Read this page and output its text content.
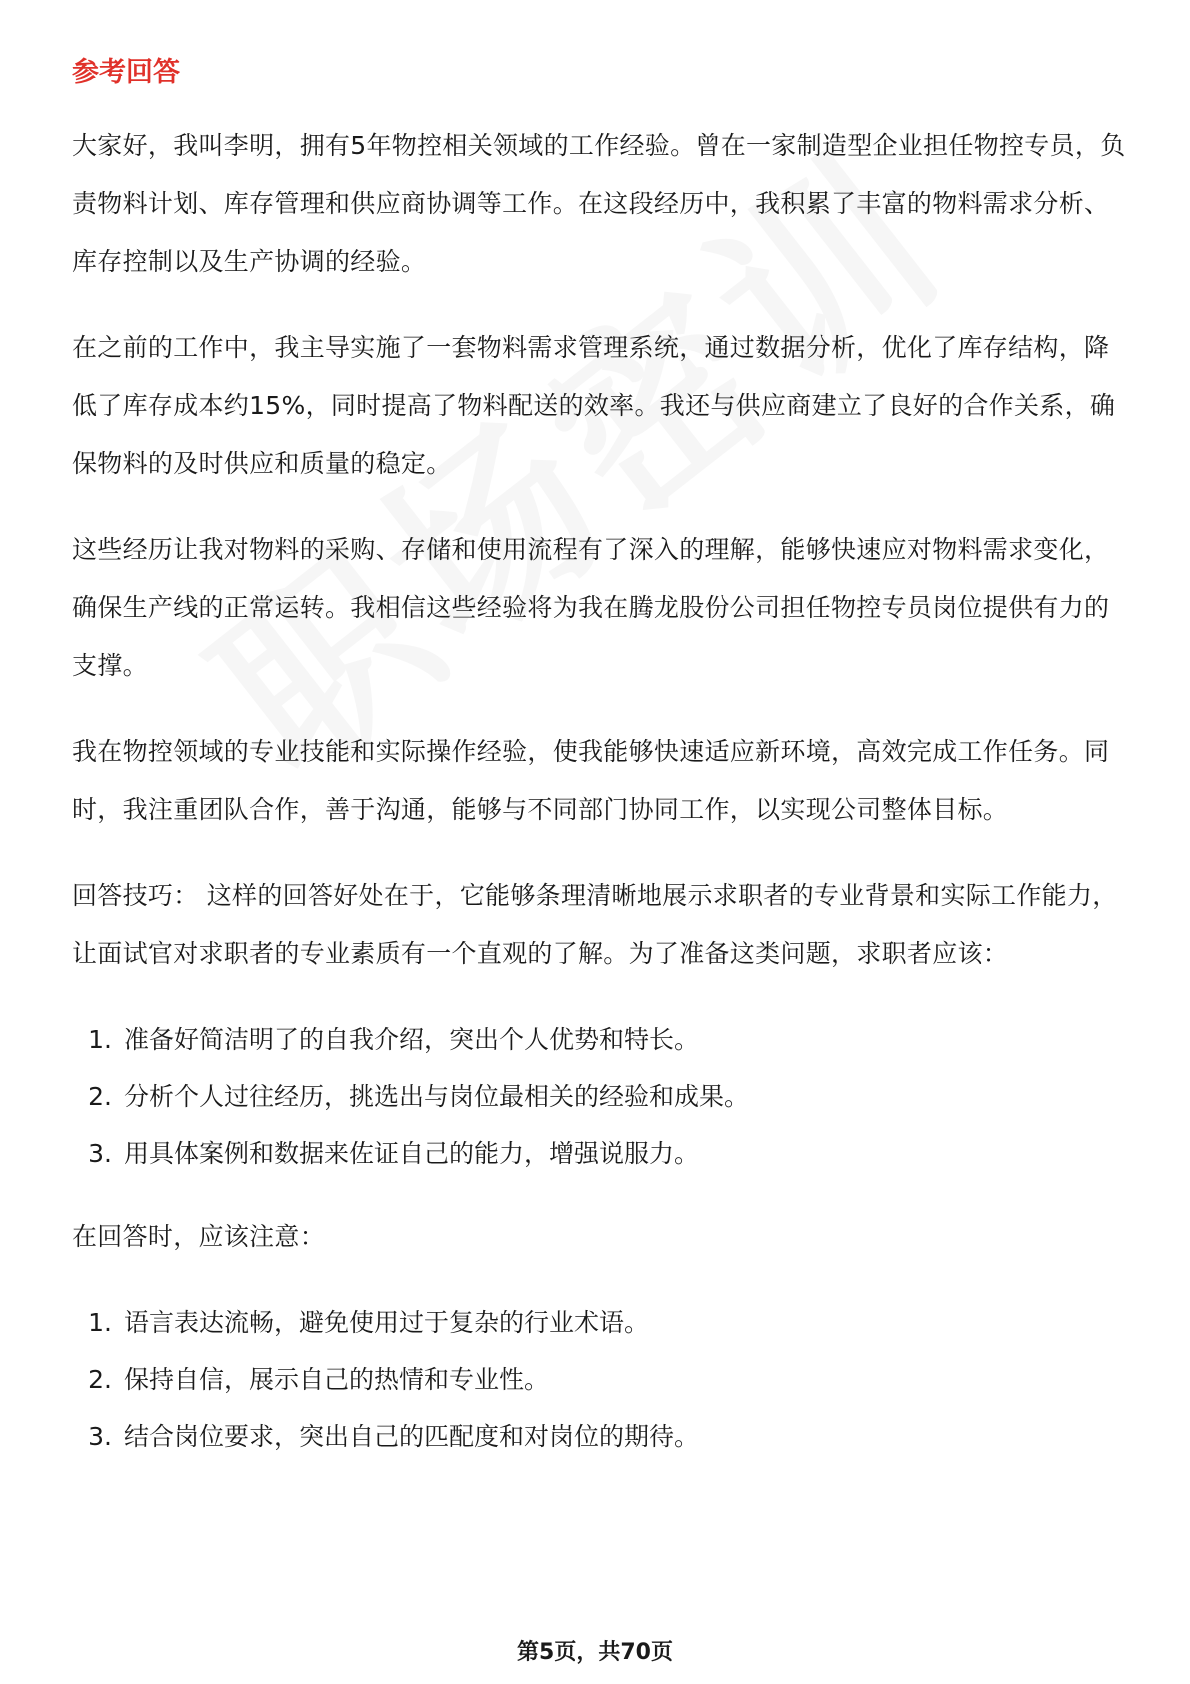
参考回答

大家好，我叫李明，拥有5年物控相关领域的工作经验。曾在一家制造型企业担任物控专员，负责物料计划、库存管理和供应商协调等工作。在这段经历中，我积累了丰富的物料需求分析、库存控制以及生产协调的经验。

在之前的工作中，我主导实施了一套物料需求管理系统，通过数据分析，优化了库存结构，降低了库存成本约15%，同时提高了物料配送的效率。我还与供应商建立了良好的合作关系，确保物料的及时供应和质量的稳定。

这些经历让我对物料的采购、存储和使用流程有了深入的理解，能够快速应对物料需求变化，确保生产线的正常运转。我相信这些经验将为我在腾龙股份公司担任物控专员岗位提供有力的支撑。

我在物控领域的专业技能和实际操作经验，使我能够快速适应新环境，高效完成工作任务。同时，我注重团队合作，善于沟通，能够与不同部门协同工作，以实现公司整体目标。

回答技巧： 这样的回答好处在于，它能够条理清晰地展示求职者的专业背景和实际工作能力，让面试官对求职者的专业素质有一个直观的了解。为了准备这类问题，求职者应该：

1. 准备好简洁明了的自我介绍，突出个人优势和特长。
2. 分析个人过往经历，挑选出与岗位最相关的经验和成果。
3. 用具体案例和数据来佐证自己的能力，增强说服力。

在回答时，应该注意：

1. 语言表达流畅，避免使用过于复杂的行业术语。
2. 保持自信，展示自己的热情和专业性。
3. 结合岗位要求，突出自己的匹配度和对岗位的期待。
第5页，共70页
